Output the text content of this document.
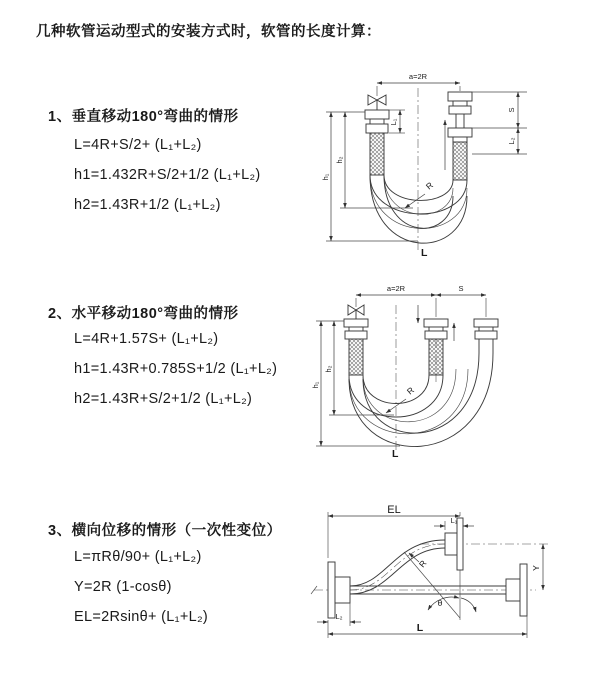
几种软管运动型式的安装方式时，软管的长度计算：
1、垂直移动180°弯曲的情形
L=4R+S/2+ (L₁+L₂)
h1=1.432R+S/2+1/2 (L₁+L₂)
h2=1.43R+1/2 (L₁+L₂)
a=2R
L₁
S
L₂
h₂
h₁
R
L
2、水平移动180°弯曲的情形
L=4R+1.57S+ (L₁+L₂)
h1=1.43R+0.785S+1/2 (L₁+L₂)
h2=1.43R+S/2+1/2 (L₁+L₂)
a=2R	S
h₂
h₁	R
L
3、横向位移的情形（一次性变位）
L=πRθ/90+ (L₁+L₂)
Y=2R (1-cosθ)
EL=2Rsinθ+ (L₁+L₂)
EL
L₁
Y
θ
R
L₂
L
